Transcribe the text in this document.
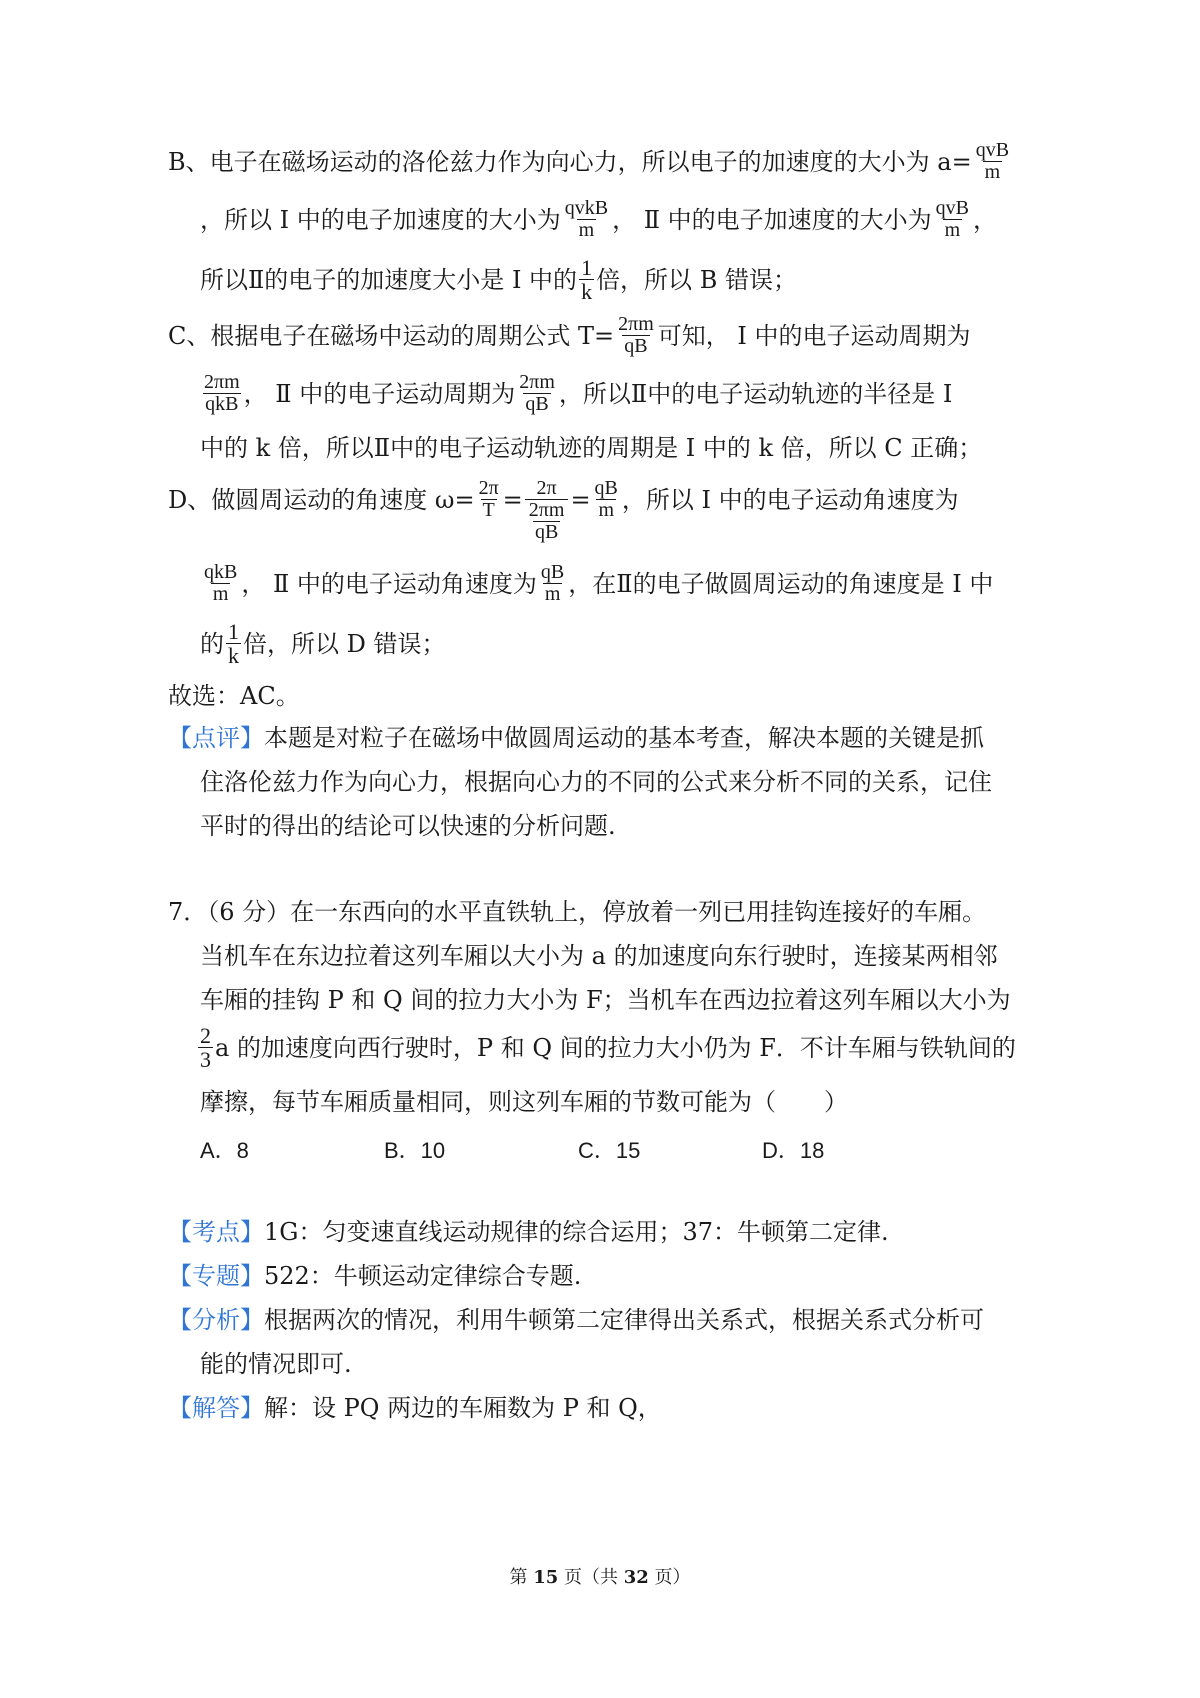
B、电子在磁场运动的洛伦兹力作为向心力，所以电子的加速度的大小为 $a= \frac{\text{qvB}}{m}$
，所以 I 中的电子加速度的大小为 $\frac{\text{qvkB}}{m}$ ， Ⅱ 中的电子加速度的大小为 $\frac{\text{qvB}}{m}$ ，
所以Ⅱ的电子的加速度大小是 I 中的 $\frac{1}{k}$ 倍，所以 B 错误；
C、根据电子在磁场中运动的周期公式 $T= \frac{2\pi m}{qB}$ 可知， I 中的电子运动周期为
$\frac{2\pi m}{\text{qkB}}$ ， Ⅱ 中的电子运动周期为 $\frac{2\pi m}{qB}$ ，所以Ⅱ中的电子运动轨迹的半径是 I
中的 k 倍，所以Ⅱ中的电子运动轨迹的周期是 I 中的 k 倍，所以 C 正确；
D、做圆周运动的角速度 $\omega= \frac{2\pi}{T} = \frac{2\pi}{\frac{2\pi m}{qB}} = \frac{qB}{m}$ ，所以 I 中的电子运动角速度为
$\frac{\text{qkB}}{m}$ ， Ⅱ 中的电子运动角速度为 $\frac{qB}{m}$ ，在Ⅱ的电子做圆周运动的角速度是 I 中
的 $\frac{1}{k}$ 倍，所以 D 错误；
故选：AC。
【点评】 本题是对粒子在磁场中做圆周运动的基本考查，解决本题的关键是抓
住洛伦兹力作为向心力，根据向心力的不同的公式来分析不同的关系，记住
平时的得出的结论可以快速的分析问题.
7．（6 分）在一东西向的水平直铁轨上，停放着一列已用挂钩连接好的车厢。
当机车在东边拉着这列车厢以大小为 a 的加速度向东行驶时，连接某两相邻
车厢的挂钩 P 和 Q 间的拉力大小为 F；当机车在西边拉着这列车厢以大小为
$\frac{2}{3}$ a 的加速度向西行驶时，P 和 Q 间的拉力大小仍为 F．不计车厢与铁轨间的
摩擦，每节车厢质量相同，则这列车厢的节数可能为（　　）
A．8	B．10	C．15	D．18
【考点】 1G：匀变速直线运动规律的综合运用；37：牛顿第二定律.
【专题】 522：牛顿运动定律综合专题.
【分析】 根据两次的情况，利用牛顿第二定律得出关系式，根据关系式分析可
能的情况即可.
【解答】 解：设 PQ 两边的车厢数为 P 和 Q，
第 15 页（共 32 页）
